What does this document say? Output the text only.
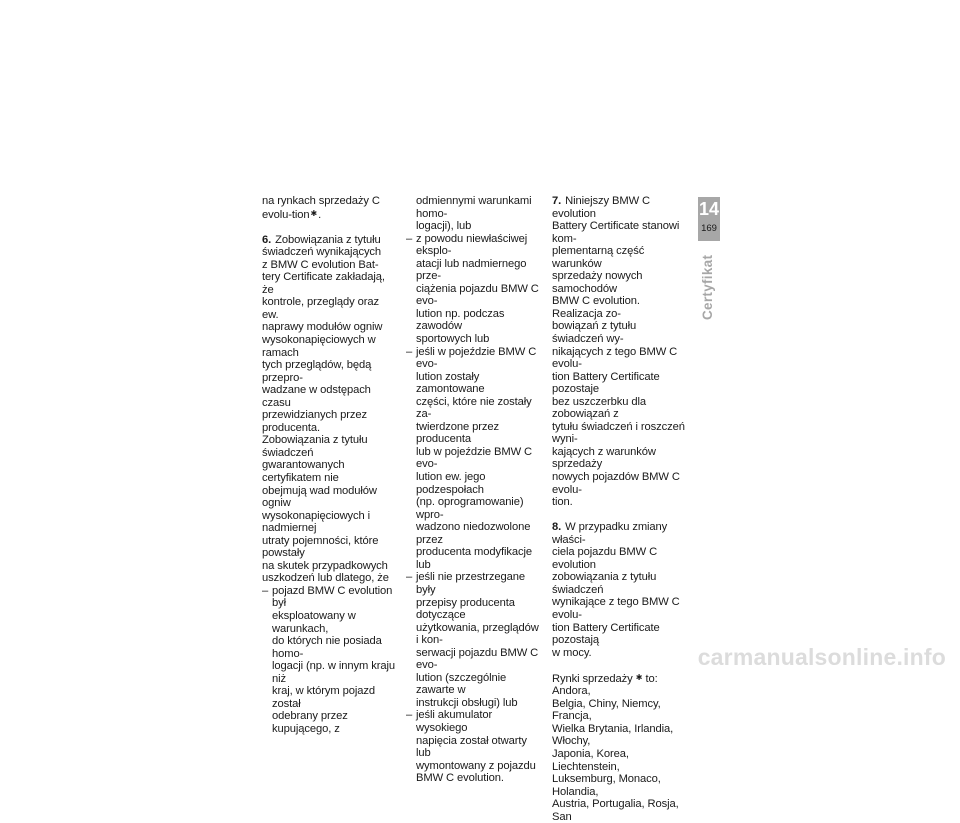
na rynkach sprzedaży C evolu-tion✱.

6. Zobowiązania z tytułu

świadczeń wynikających

z BMW C evolution Bat-

tery Certificate zakładają, że

kontrole, przeglądy oraz ew.

naprawy modułów ogniw

wysokonapięciowych w ramach

tych przeglądów, będą przepro-

wadzane w odstępach czasu

przewidzianych przez producenta.

Zobowiązania z tytułu świadczeń

gwarantowanych certyfikatem nie

obejmują wad modułów ogniw

wysokonapięciowych i nadmiernej

utraty pojemności, które powstały

na skutek przypadkowych

uszkodzeń lub dlatego, że

– pojazd BMW C evolution był

eksploatowany w warunkach,

do których nie posiada homo-

logacji (np. w innym kraju niż

kraj, w którym pojazd został

odebrany przez kupującego, z

odmiennymi warunkami homo-

logacji), lub

– z powodu niewłaściwej eksplo-

atacji lub nadmiernego prze-

ciążenia pojazdu BMW C evo-

lution np. podczas zawodów

sportowych lub

– jeśli w pojeździe BMW C evo-

lution zostały zamontowane

części, które nie zostały za-

twierdzone przez producenta

lub w pojeździe BMW C evo-

lution ew. jego podzespołach

(np. oprogramowanie) wpro-

wadzono niedozwolone przez

producenta modyfikacje lub

– jeśli nie przestrzegane były

przepisy producenta dotyczące

użytkowania, przeglądów i kon-

serwacji pojazdu BMW C evo-

lution (szczególnie zawarte w

instrukcji obsługi) lub

– jeśli akumulator wysokiego

napięcia został otwarty lub

wymontowany z pojazdu

BMW C evolution.

7. Niniejszy BMW C evolution

Battery Certificate stanowi kom-

plementarną część warunków

sprzedaży nowych samochodów

BMW C evolution. Realizacja zo-

bowiązań z tytułu świadczeń wy-

nikających z tego BMW C evolu-

tion Battery Certificate pozostaje

bez uszczerbku dla zobowiązań z

tytułu świadczeń i roszczeń wyni-

kających z warunków sprzedaży

nowych pojazdów BMW C evolu-

tion.

8. W przypadku zmiany właści-

ciela pojazdu BMW C evolution

zobowiązania z tytułu świadczeń

wynikające z tego BMW C evolu-

tion Battery Certificate pozostają

w mocy.

Rynki sprzedaży ✱ to: Andora,

Belgia, Chiny, Niemcy, Francja,

Wielka Brytania, Irlandia, Włochy,

Japonia, Korea, Liechtenstein,

Luksemburg, Monaco, Holandia,

Austria, Portugalia, Rosja, San

14
169
Certyfikat
carmanualsonline.info
